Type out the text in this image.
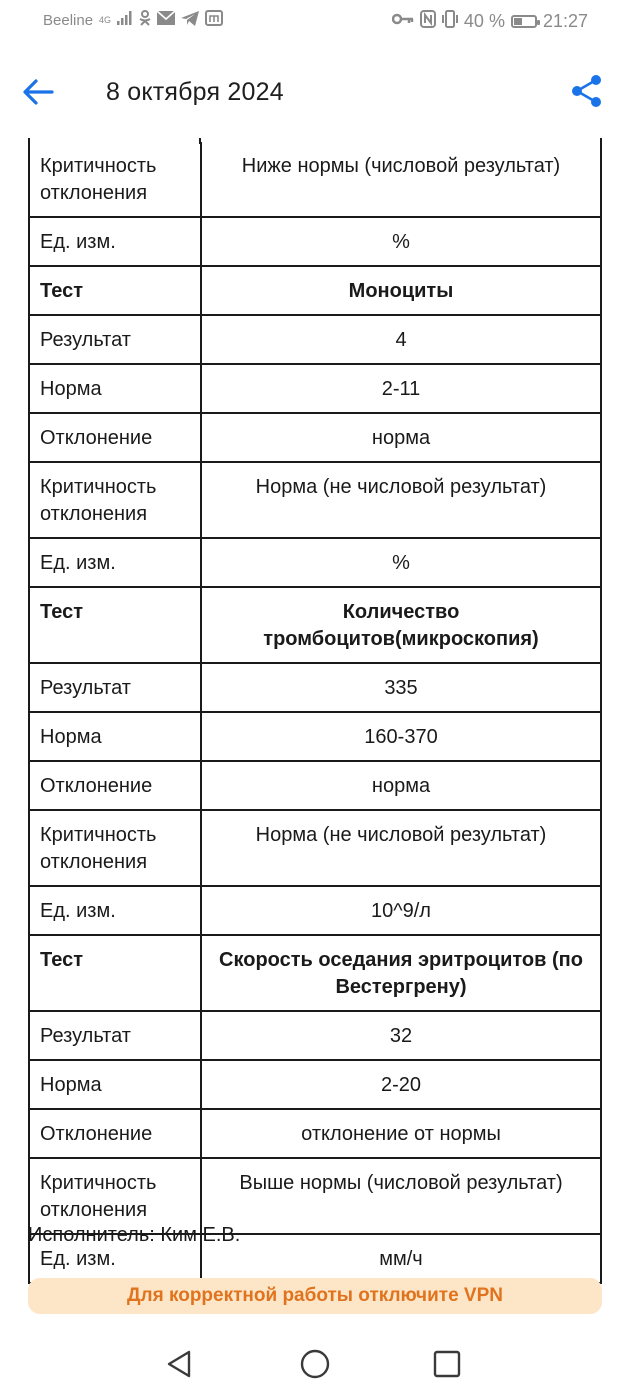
Beeline 4G	40 % 21:27
8 октября 2024
Критичность отклонения	Ниже нормы (числовой результат)
Ед. изм.	%
Тест	Моноциты
Результат	4
Норма	2-11
Отклонение	норма
Критичность отклонения	Норма (не числовой результат)
Ед. изм.	%
Тест	Количество тромбоцитов(микроскопия)
Результат	335
Норма	160-370
Отклонение	норма
Критичность отклонения	Норма (не числовой результат)
Ед. изм.	10^9/л
Тест	Скорость оседания эритроцитов (по Вестергрену)
Результат	32
Норма	2-20
Отклонение	отклонение от нормы
Критичность отклонения	Выше нормы (числовой результат)
Ед. изм.	мм/ч
Исполнитель: Ким Е.В.
Для корректной работы отключите VPN
